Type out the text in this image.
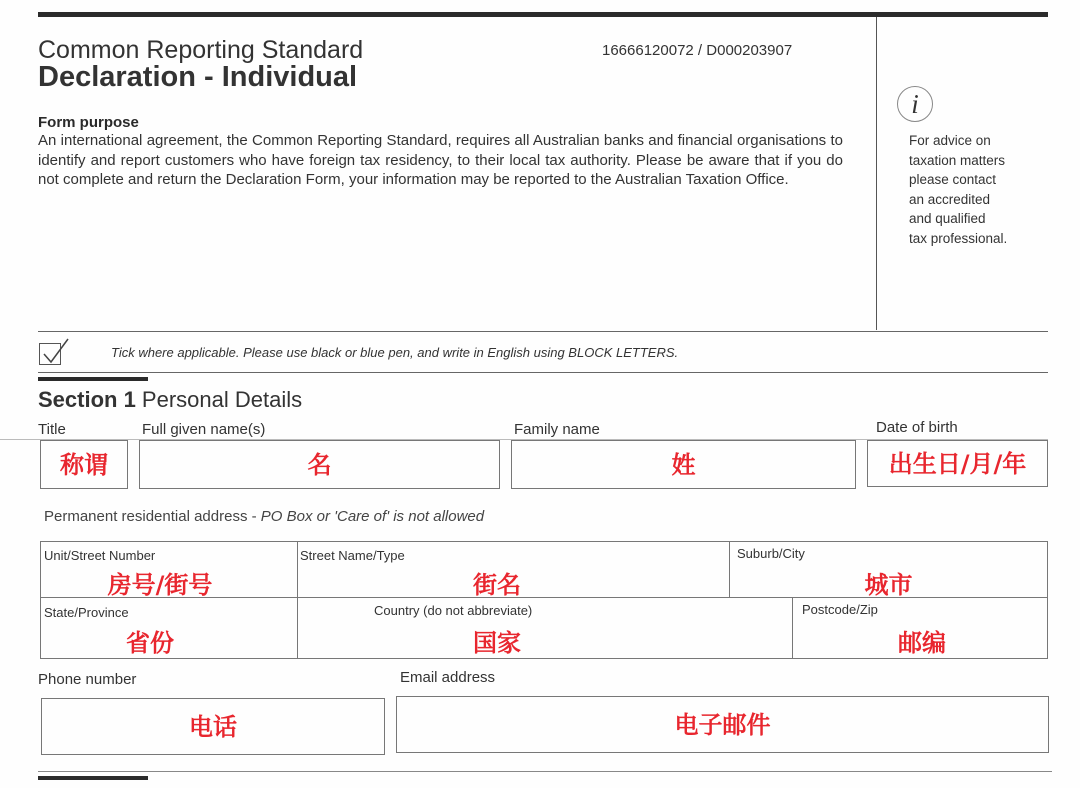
Common Reporting Standard
Declaration - Individual
16666120072 / D000203907
Form purpose
An international agreement, the Common Reporting Standard, requires all Australian banks and financial organisations to identify and report customers who have foreign tax residency, to their local tax authority. Please be aware that if you do not complete and return the Declaration Form, your information may be reported to the Australian Taxation Office.
i
For advice on
taxation matters
please contact
an accredited
and qualified
tax professional.
Tick where applicable. Please use black or blue pen, and write in English using BLOCK LETTERS.
Section 1 Personal Details
Title	Full given name(s)	Family name	Date of birth
称谓	名	姓	出生日/月/年
Permanent residential address - PO Box or 'Care of' is not allowed
Unit/Street Number
房号/街号
Street Name/Type
街名
Suburb/City
城市
State/Province
省份
Country (do not abbreviate)
国家
Postcode/Zip
邮编
Phone number	Email address
电话	电子邮件
